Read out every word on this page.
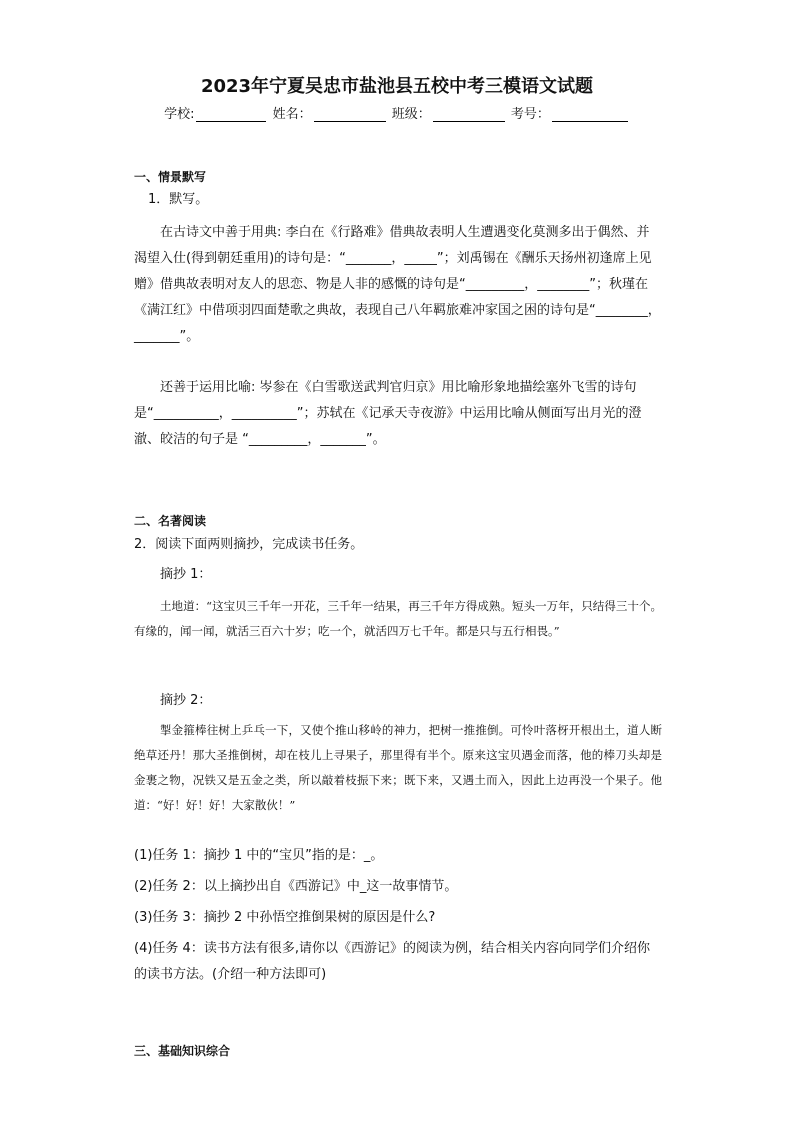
2023年宁夏吴忠市盐池县五校中考三模语文试题
学校:	姓名：	班级：	考号：
一、情景默写

1．默写。

在古诗文中善于用典: 李白在《行路难》借典故表明人生遭遇变化莫测多出于偶然、并渴望入仕(得到朝廷重用)的诗句是：“_______，_____”；刘禹锡在《酬乐天扬州初逢席上见赠》借典故表明对友人的思恋、物是人非的感慨的诗句是“_________，________”；秋瑾在《满江红》中借项羽四面楚歌之典故，表现自己八年羁旅难冲家国之困的诗句是“________，_______”。

还善于运用比喻: 岑参在《白雪歌送武判官归京》用比喻形象地描绘塞外飞雪的诗句是“__________，__________”；苏轼在《记承天寺夜游》中运用比喻从侧面写出月光的澄澈、皎洁的句子是 “_________，_______”。

二、名著阅读

2．阅读下面两则摘抄，完成读书任务。

摘抄 1：

土地道：“这宝贝三千年一开花，三千年一结果，再三千年方得成熟。短头一万年，只结得三十个。有缘的，闻一闻，就活三百六十岁；吃一个，就活四万七千年。都是只与五行相畏。”

摘抄 2：

掣金箍棒往树上乒乓一下，又使个推山移岭的神力，把树一推推倒。可怜叶落枒开根出土，道人断绝草还丹！那大圣推倒树，却在枝儿上寻果子，那里得有半个。原来这宝贝遇金而落，他的棒刀头却是金裹之物，况铁又是五金之类，所以敲着枝振下来；既下来，又遇土而入，因此上边再没一个果子。他道：“好！好！好！大家散伙！”

(1)任务 1：摘抄 1 中的“宝贝”指的是：_。

(2)任务 2：以上摘抄出自《西游记》中_这一故事情节。

(3)任务 3：摘抄 2 中孙悟空推倒果树的原因是什么?

(4)任务 4：读书方法有很多,请你以《西游记》的阅读为例，结合相关内容向同学们介绍你的读书方法。(介绍一种方法即可)

三、基础知识综合
